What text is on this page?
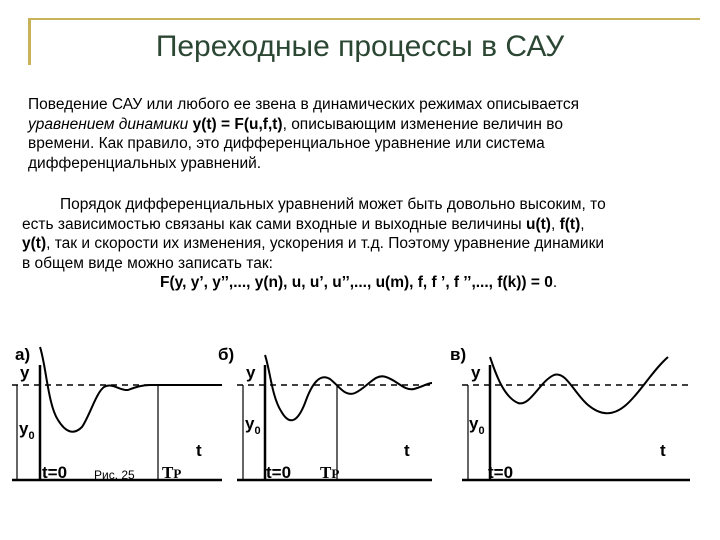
Переходные процессы в САУ
Поведение САУ или любого ее звена в динамических режимах описывается
уравнением динамики y(t) = F(u,f,t), описывающим изменение величин во
времени. Как правило, это дифференциальное уравнение или система
дифференциальных уравнений.
Порядок дифференциальных уравнений может быть довольно высоким, то
есть зависимостью связаны как сами входные и выходные величины u(t), f(t),
y(t), так и скорости их изменения, ускорения и т.д. Поэтому уравнение динамики
в общем виде можно записать так:

F(y, y’, y’’,..., y(n), u, u’, u’’,..., u(m), f, f ’, f ’’,..., f(k)) = 0.
а)
y
$y_0$
t
t=0	TP
б)
y
$y_0$
t
t=0 TP
в)
y
$y_0$
t
t=0
Рис. 25
